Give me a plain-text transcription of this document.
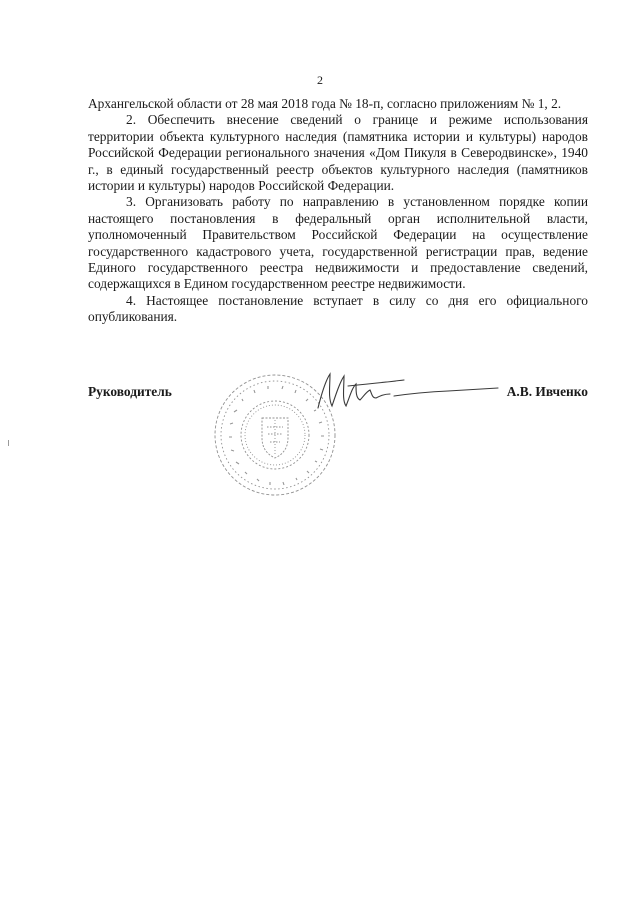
2

Архангельской области от 28 мая 2018 года № 18-п, согласно приложениям № 1, 2.

2. Обеспечить внесение сведений о границе и режиме использования территории объекта культурного наследия (памятника истории и культуры) народов Российской Федерации регионального значения «Дом Пикуля в Северодвинске», 1940 г., в единый государственный реестр объектов культурного наследия (памятников истории и культуры) народов Российской Федерации.

3. Организовать работу по направлению в установленном порядке копии настоящего постановления в федеральный орган исполнительной власти, уполномоченный Правительством Российской Федерации на осуществление государственного кадастрового учета, государственной регистрации прав, ведение Единого государственного реестра недвижимости и предоставление сведений, содержащихся в Едином государственном реестре недвижимости.

4. Настоящее постановление вступает в силу со дня его официального опубликования.

Руководитель	А.В. Ивченко
